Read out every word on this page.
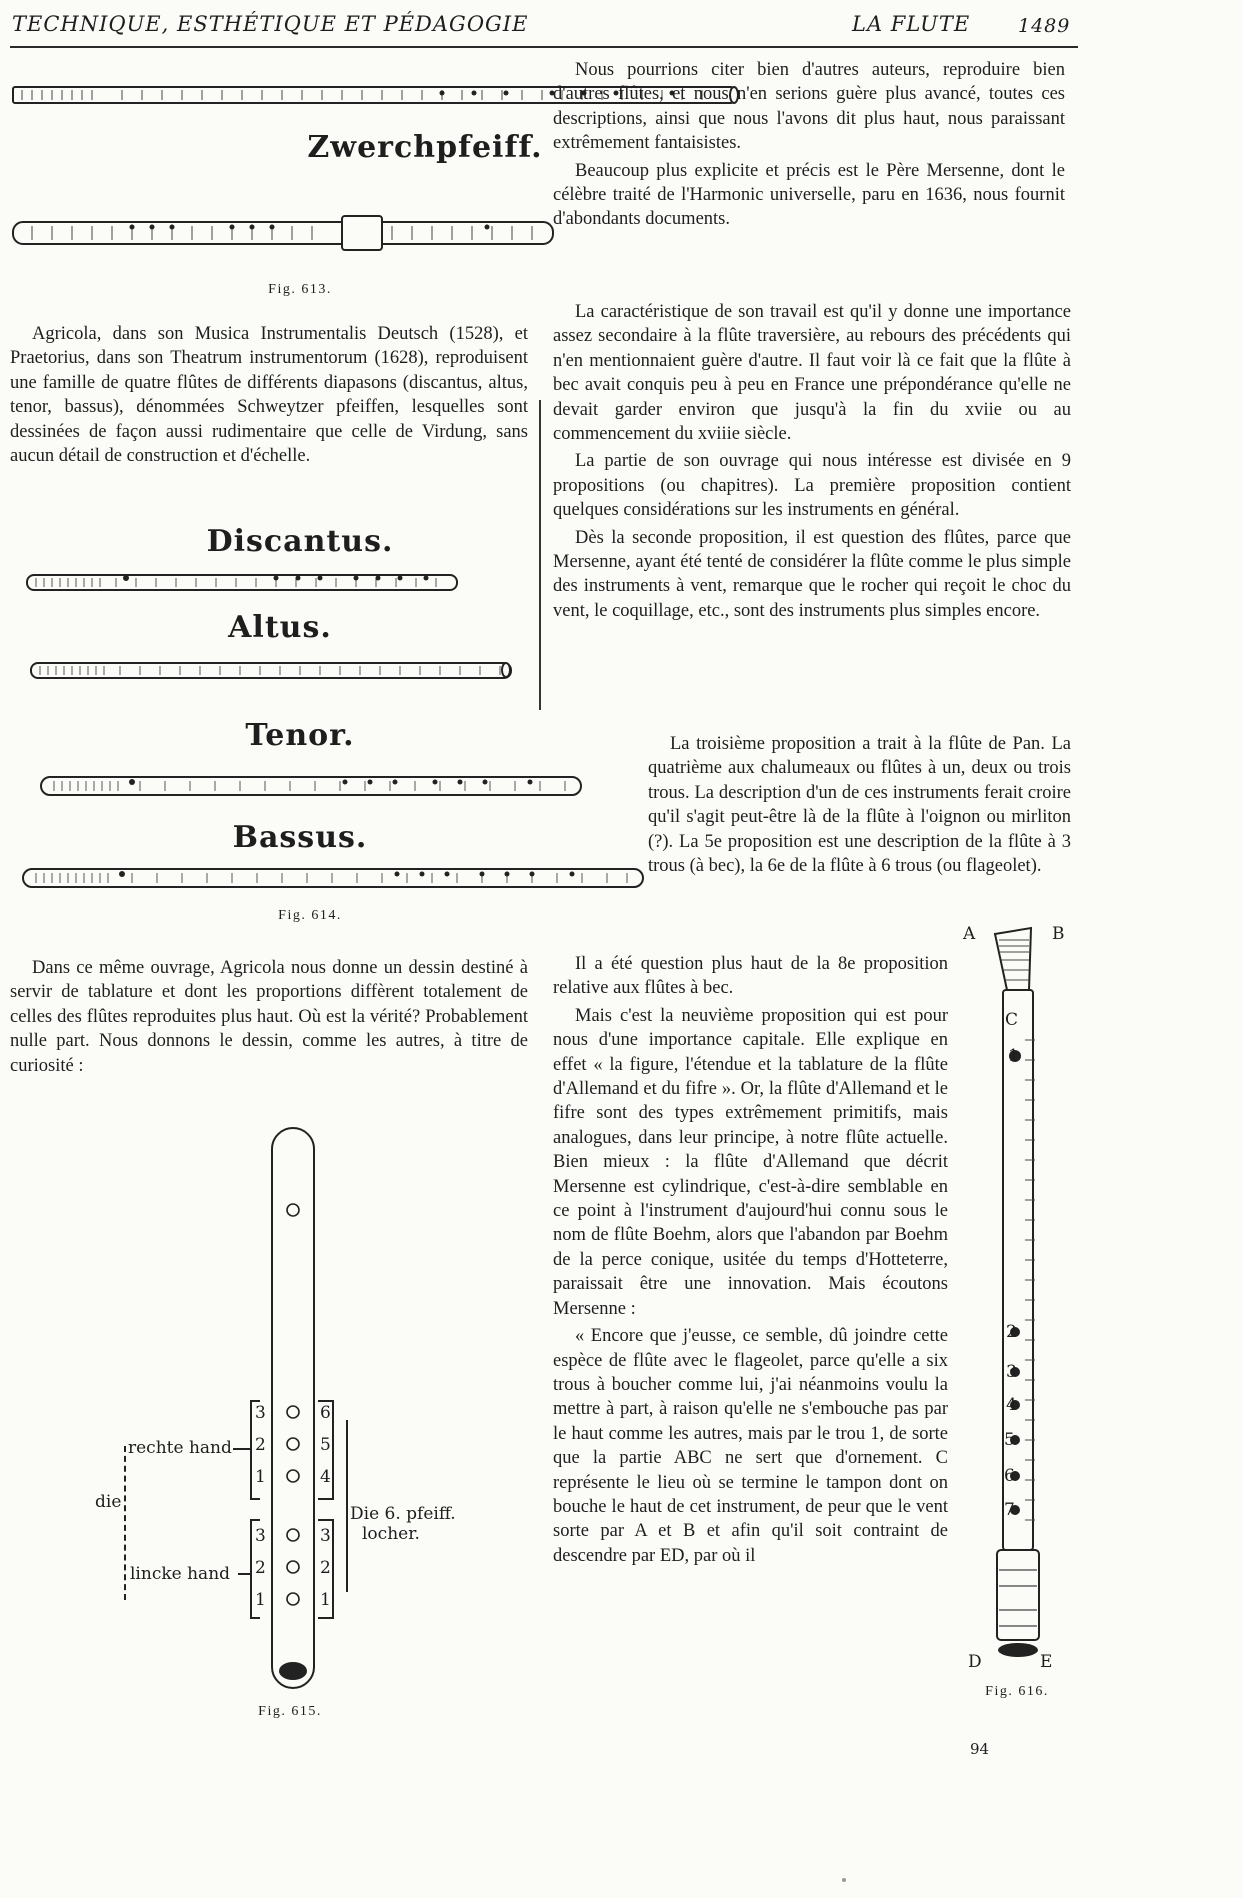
TECHNIQUE, ESTHÉTIQUE ET PÉDAGOGIE	LA FLUTE	1489
Zwerchpfeiff.
Fig. 613.

Agricola, dans son Musica Instrumentalis Deutsch (1528), et Praetorius, dans son Theatrum instrumentorum (1628), reproduisent une famille de quatre flûtes de différents diapasons (discantus, altus, tenor, bassus), dénommées Schweytzer pfeiffen, lesquelles sont dessinées de façon aussi rudimentaire que celle de Virdung, sans aucun détail de construction et d'échelle.

Discantus.
Altus.
Tenor.
Bassus.
Fig. 614.

Dans ce même ouvrage, Agricola nous donne un dessin destiné à servir de tablature et dont les proportions diffèrent totalement de celles des flûtes reproduites plus haut. Où est la vérité? Probablement nulle part. Nous donnons le dessin, comme les autres, à titre de curiosité :

3
2
1
3
2
1
6
5
4
3
2
1
Die 6. pfeiff.
locher.
rechte hand
die
lincke hand
Fig. 615.

Nous pourrions citer bien d'autres auteurs, reproduire bien d'autres flûtes, et nous n'en serions guère plus avancé, toutes ces descriptions, ainsi que nous l'avons dit plus haut, nous paraissant extrêmement fantaisistes.

Beaucoup plus explicite et précis est le Père Mersenne, dont le célèbre traité de l'Harmonic universelle, paru en 1636, nous fournit d'abondants documents.

La caractéristique de son travail est qu'il y donne une importance assez secondaire à la flûte traversière, au rebours des précédents qui n'en mentionnaient guère d'autre. Il faut voir là ce fait que la flûte à bec avait conquis peu à peu en France une prépondérance qu'elle ne devait garder environ que jusqu'à la fin du xviie ou au commencement du xviiie siècle.

La partie de son ouvrage qui nous intéresse est divisée en 9 propositions (ou chapitres). La première proposition contient quelques considérations sur les instruments en général.

Dès la seconde proposition, il est question des flûtes, parce que Mersenne, ayant été tenté de considérer la flûte comme le plus simple des instruments à vent, remarque que le rocher qui reçoit le choc du vent, le coquillage, etc., sont des instruments plus simples encore.

La troisième proposition a trait à la flûte de Pan. La quatrième aux chalumeaux ou flûtes à un, deux ou trois trous. La description d'un de ces instruments ferait croire qu'il s'agit peut-être là de la flûte à l'oignon ou mirliton (?). La 5e proposition est une description de la flûte à 3 trous (à bec), la 6e de la flûte à 6 trous (ou flageolet).

Il a été question plus haut de la 8e proposition relative aux flûtes à bec.

Mais c'est la neuvième proposition qui est pour nous d'une importance capitale. Elle explique en effet « la figure, l'étendue et la tablature de la flûte d'Allemand et du fifre ». Or, la flûte d'Allemand et le fifre sont des types extrêmement primitifs, mais analogues, dans leur principe, à notre flûte actuelle. Bien mieux : la flûte d'Allemand que décrit Mersenne est cylindrique, c'est-à-dire semblable en ce point à l'instrument d'aujourd'hui connu sous le nom de flûte Boehm, alors que l'abandon par Boehm de la perce conique, usitée du temps d'Hotteterre, paraissait être une innovation. Mais écoutons Mersenne :

« Encore que j'eusse, ce semble, dû joindre cette espèce de flûte avec le flageolet, parce qu'elle a six trous à boucher comme lui, j'ai néanmoins voulu la mettre à part, à raison qu'elle ne s'embouche pas par le haut comme les autres, mais par le trou 1, de sorte que la partie ABC ne sert que d'ornement. C représente le lieu où se termine le tampon dont on bouche le haut de cet instrument, de peur que le vent sorte par A et B et afin qu'il soit contraint de descendre par ED, par où il

A	B
C
1
2
3
4
5
6
7
D	E
Fig. 616.
94
